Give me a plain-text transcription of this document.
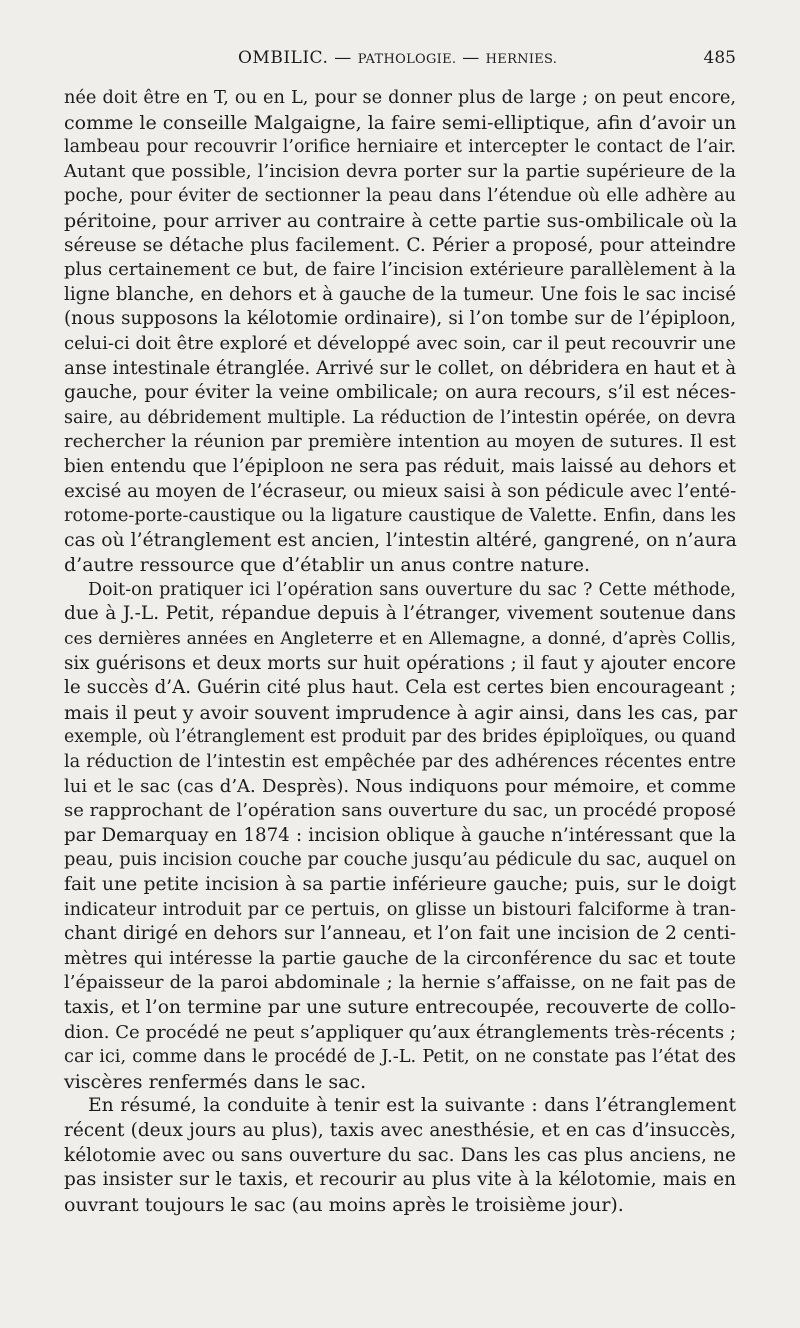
OMBILIC. — PATHOLOGIE. — HERNIES.	485
née doit être en T, ou en L, pour se donner plus de large ; on peut encore,
comme le conseille Malgaigne, la faire semi-elliptique, afin d’avoir un
lambeau pour recouvrir l’orifice herniaire et intercepter le contact de l’air.
Autant que possible, l’incision devra porter sur la partie supérieure de la
poche, pour éviter de sectionner la peau dans l’étendue où elle adhère au
péritoine, pour arriver au contraire à cette partie sus-ombilicale où la
séreuse se détache plus facilement. C. Périer a proposé, pour atteindre
plus certainement ce but, de faire l’incision extérieure parallèlement à la
ligne blanche, en dehors et à gauche de la tumeur. Une fois le sac incisé
(nous supposons la kélotomie ordinaire), si l’on tombe sur de l’épiploon,
celui-ci doit être exploré et développé avec soin, car il peut recouvrir une
anse intestinale étranglée. Arrivé sur le collet, on débridera en haut et à
gauche, pour éviter la veine ombilicale; on aura recours, s’il est néces-
saire, au débridement multiple. La réduction de l’intestin opérée, on devra
rechercher la réunion par première intention au moyen de sutures. Il est
bien entendu que l’épiploon ne sera pas réduit, mais laissé au dehors et
excisé au moyen de l’écraseur, ou mieux saisi à son pédicule avec l’enté-
rotome-porte-caustique ou la ligature caustique de Valette. Enfin, dans les
cas où l’étranglement est ancien, l’intestin altéré, gangrené, on n’aura
d’autre ressource que d’établir un anus contre nature.
Doit-on pratiquer ici l’opération sans ouverture du sac ? Cette méthode,
due à J.-L. Petit, répandue depuis à l’étranger, vivement soutenue dans
ces dernières années en Angleterre et en Allemagne, a donné, d’après Collis,
six guérisons et deux morts sur huit opérations ; il faut y ajouter encore
le succès d’A. Guérin cité plus haut. Cela est certes bien encourageant ;
mais il peut y avoir souvent imprudence à agir ainsi, dans les cas, par
exemple, où l’étranglement est produit par des brides épiploïques, ou quand
la réduction de l’intestin est empêchée par des adhérences récentes entre
lui et le sac (cas d’A. Desprès). Nous indiquons pour mémoire, et comme
se rapprochant de l’opération sans ouverture du sac, un procédé proposé
par Demarquay en 1874 : incision oblique à gauche n’intéressant que la
peau, puis incision couche par couche jusqu’au pédicule du sac, auquel on
fait une petite incision à sa partie inférieure gauche; puis, sur le doigt
indicateur introduit par ce pertuis, on glisse un bistouri falciforme à tran-
chant dirigé en dehors sur l’anneau, et l’on fait une incision de 2 centi-
mètres qui intéresse la partie gauche de la circonférence du sac et toute
l’épaisseur de la paroi abdominale ; la hernie s’affaisse, on ne fait pas de
taxis, et l’on termine par une suture entrecoupée, recouverte de collo-
dion. Ce procédé ne peut s’appliquer qu’aux étranglements très-récents ;
car ici, comme dans le procédé de J.-L. Petit, on ne constate pas l’état des
viscères renfermés dans le sac.
En résumé, la conduite à tenir est la suivante : dans l’étranglement
récent (deux jours au plus), taxis avec anesthésie, et en cas d’insuccès,
kélotomie avec ou sans ouverture du sac. Dans les cas plus anciens, ne
pas insister sur le taxis, et recourir au plus vite à la kélotomie, mais en
ouvrant toujours le sac (au moins après le troisième jour).
